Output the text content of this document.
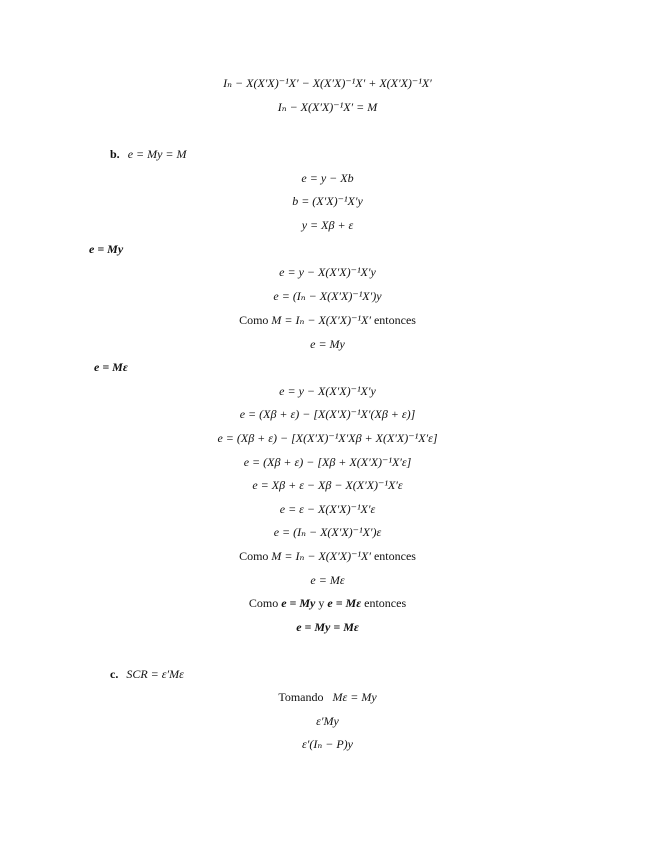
Iₙ − X(X′X)⁻¹X′ − X(X′X)⁻¹X′ + X(X′X)⁻¹X′
Iₙ − X(X′X)⁻¹X′ = M
b. e = My = M
e = y − Xb
b = (X′X)⁻¹X′y
y = Xβ + ε
e = My
e = y − X(X′X)⁻¹X′y
e = (Iₙ − X(X′X)⁻¹X′)y
Como M = Iₙ − X(X′X)⁻¹X′ entonces
e = My
e = Mε
e = y − X(X′X)⁻¹X′y
e = (Xβ + ε) − [X(X′X)⁻¹X′(Xβ + ε)]
e = (Xβ + ε) − [X(X′X)⁻¹X′Xβ + X(X′X)⁻¹X′ε]
e = (Xβ + ε) − [Xβ + X(X′X)⁻¹X′ε]
e = Xβ + ε − Xβ − X(X′X)⁻¹X′ε
e = ε − X(X′X)⁻¹X′ε
e = (Iₙ − X(X′X)⁻¹X′)ε
Como M = Iₙ − X(X′X)⁻¹X′ entonces
e = Mε
Como e = My y e = Mε entonces
e = My = Mε
c. SCR = ε′Mε
Tomando Mε = My
ε′My
ε′(Iₙ − P)y
